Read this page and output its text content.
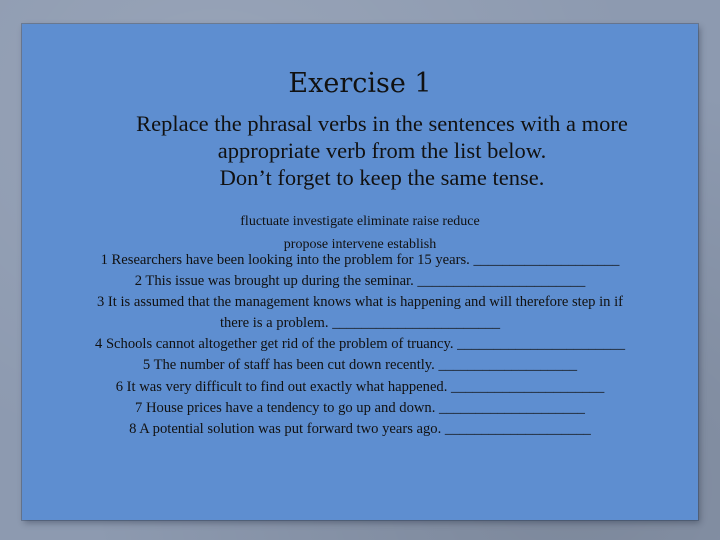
Exercise 1
Replace the phrasal verbs in the sentences with a more
appropriate verb from the list below.
Don’t forget to keep the same tense.
fluctuate investigate eliminate raise reduce
propose intervene establish
1 Researchers have been looking into the problem for 15 years. ____________________
2 This issue was brought up during the seminar. _______________________
3 It is assumed that the management knows what is happening and will therefore step in if
there is a problem. _______________________
4 Schools cannot altogether get rid of the problem of truancy. _______________________
5 The number of staff has been cut down recently. ___________________
6 It was very difficult to find out exactly what happened. _____________________
7 House prices have a tendency to go up and down. ____________________
8 A potential solution was put forward two years ago. ____________________
